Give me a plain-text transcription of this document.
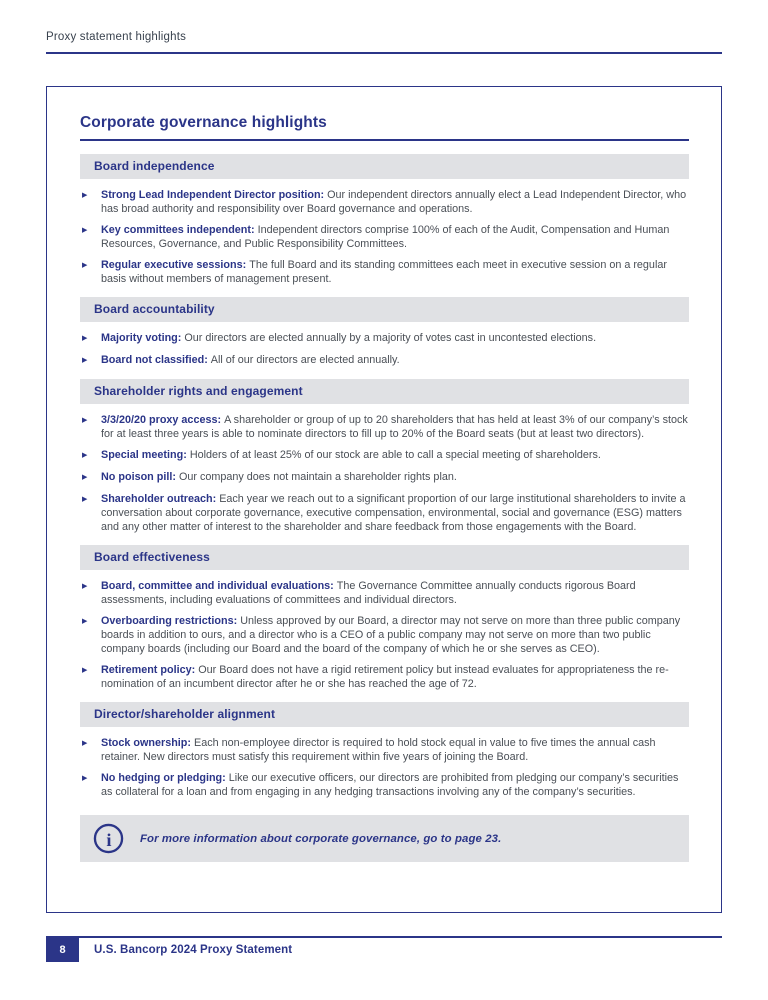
Proxy statement highlights
Corporate governance highlights
Board independence
▶	Strong Lead Independent Director position: Our independent directors annually elect a Lead Independent Director, who has broad authority and responsibility over Board governance and operations.
▶	Key committees independent: Independent directors comprise 100% of each of the Audit, Compensation and Human Resources, Governance, and Public Responsibility Committees.
▶	Regular executive sessions: The full Board and its standing committees each meet in executive session on a regular basis without members of management present.
Board accountability
▶	Majority voting: Our directors are elected annually by a majority of votes cast in uncontested elections.
▶	Board not classified: All of our directors are elected annually.
Shareholder rights and engagement
▶	3/3/20/20 proxy access: A shareholder or group of up to 20 shareholders that has held at least 3% of our company’s stock for at least three years is able to nominate directors to fill up to 20% of the Board seats (but at least two directors).
▶	Special meeting: Holders of at least 25% of our stock are able to call a special meeting of shareholders.
▶	No poison pill: Our company does not maintain a shareholder rights plan.
▶	Shareholder outreach: Each year we reach out to a significant proportion of our large institutional shareholders to invite a conversation about corporate governance, executive compensation, environmental, social and governance (ESG) matters and any other matter of interest to the shareholder and share feedback from those engagements with the Board.
Board effectiveness
▶	Board, committee and individual evaluations: The Governance Committee annually conducts rigorous Board assessments, including evaluations of committees and individual directors.
▶	Overboarding restrictions: Unless approved by our Board, a director may not serve on more than three public company boards in addition to ours, and a director who is a CEO of a public company may not serve on more than two public company boards (including our Board and the board of the company of which he or she serves as CEO).
▶	Retirement policy: Our Board does not have a rigid retirement policy but instead evaluates for appropriateness the re-nomination of an incumbent director after he or she has reached the age of 72.
Director/shareholder alignment
▶	Stock ownership: Each non-employee director is required to hold stock equal in value to five times the annual cash retainer. New directors must satisfy this requirement within five years of joining the Board.
▶	No hedging or pledging: Like our executive officers, our directors are prohibited from pledging our company’s securities as collateral for a loan and from engaging in any hedging transactions involving any of the company’s securities.
i For more information about corporate governance, go to page 23.
8	U.S. Bancorp 2024 Proxy Statement
